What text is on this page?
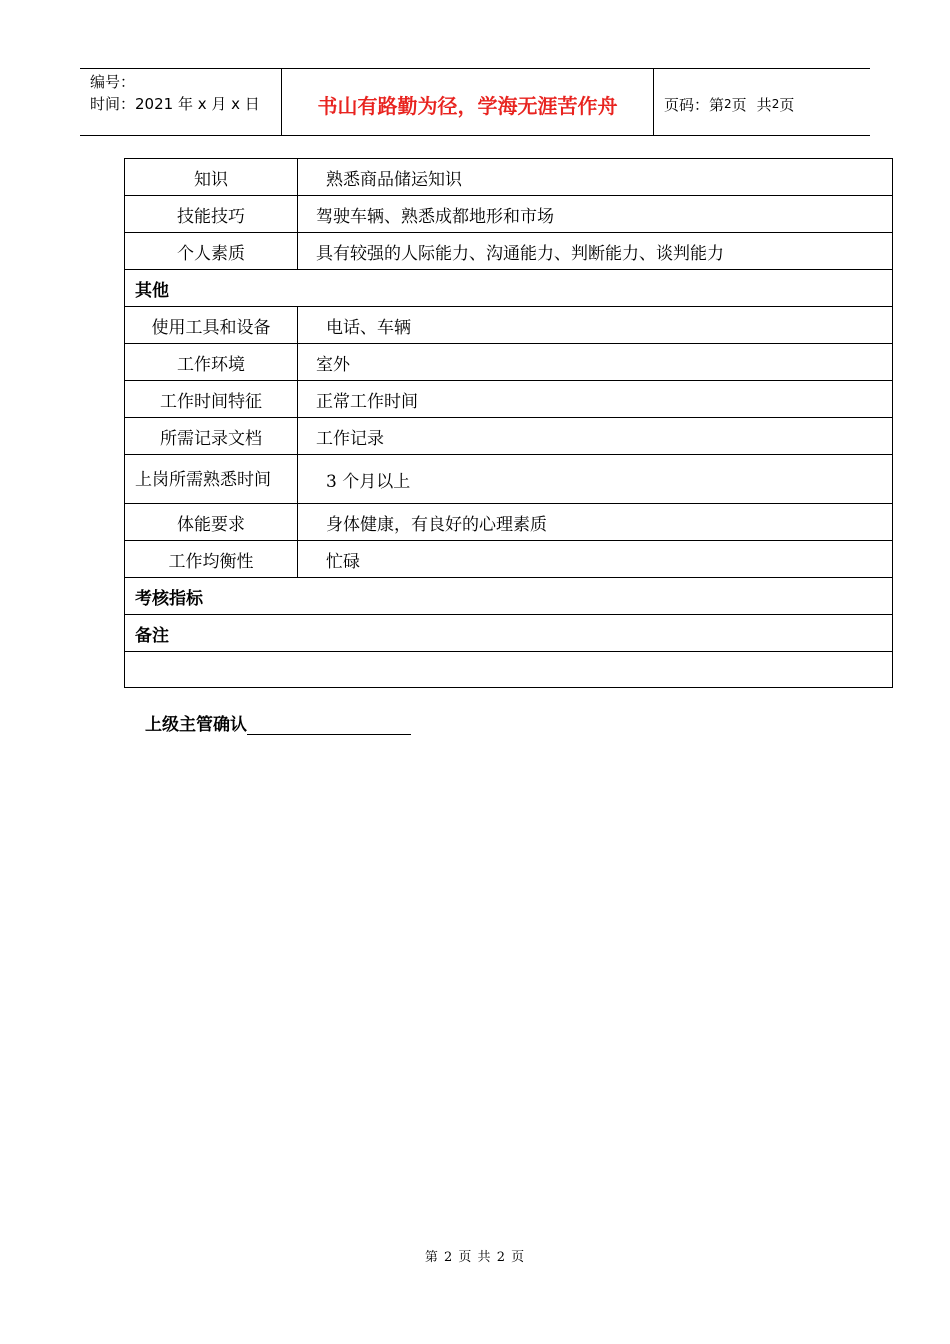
编号：
时间：2021 年 x 月 x 日	书山有路勤为径，学海无涯苦作舟	页码：第 2 页 共 2 页
知识	熟悉商品储运知识
技能技巧	驾驶车辆、熟悉成都地形和市场
个人素质	具有较强的人际能力、沟通能力、判断能力、谈判能力
其他	
使用工具和设备	电话、车辆
工作环境	室外
工作时间特征	正常工作时间
所需记录文档	工作记录
上岗所需熟悉时间	3 个月以上
体能要求	身体健康，有良好的心理素质
工作均衡性	忙碌
考核指标	
备注	

上级主管确认
第 2 页 共 2 页
